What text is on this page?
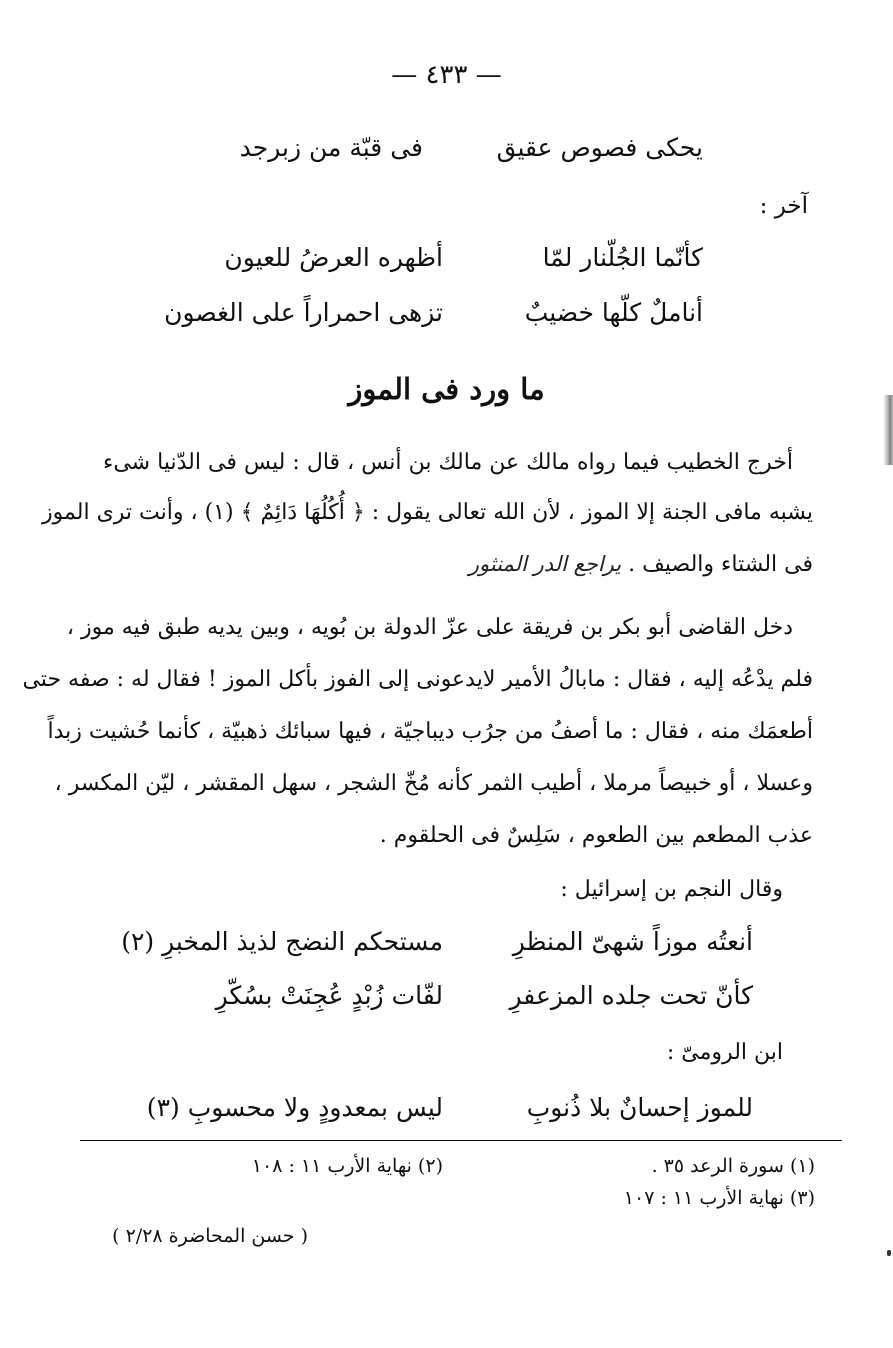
— ٤٣٣ —
يحكى فصوص عقيق
فى قبّة من زبرجد
آخر :
كأنّما الجُلّنار لمّا
أظهره العرضُ للعيون
أناملٌ كلّها خضيبٌ
تزهى احمراراً على الغصون
ما ورد فى الموز
أخرج الخطيب فيما رواه مالك عن مالك بن أنس ، قال : ليس فى الدّنيا شىء
يشبه مافى الجنة إلا الموز ، لأن الله تعالى يقول : ﴿ أُكُلُهَا دَائِمٌ ﴾ (١) ، وأنت ترى الموز
فى الشتاء والصيف . يراجع الدر المنثور
دخل القاضى أبو بكر بن فريقة على عزّ الدولة بن بُويه ، وبين يديه طبق فيه موز ،
فلم يدْعُه إليه ، فقال : مابالُ الأمير لايدعونى إلى الفوز بأكل الموز ! فقال له : صفه حتى
أطعمَك منه ، فقال : ما أصفُ من جرُب ديباجيّة ، فيها سبائك ذهبيّة ، كأنما حُشيت زبداً
وعسلا ، أو خبيصاً مرملا ، أطيب الثمر كأنه مُخّ الشجر ، سهل المقشر ، ليّن المكسر ،
عذب المطعم بين الطعوم ، سَلِسٌ فى الحلقوم .
وقال النجم بن إسرائيل :
أنعتُه موزاً شهىّ المنظرِ
مستحكم النضج لذيذ المخبرِ (٢)
كأنّ تحت جلده المزعفرِ
لفّات زُبْدٍ عُجِنَتْ بسُكّرِ
ابن الرومىّ :
للموز إحسانٌ بلا ذُنوبِ
ليس بمعدودٍ ولا محسوبِ (٣)
(١) سورة الرعد ٣٥ .
(٢) نهاية الأرب ١١ : ١٠٨
(٣) نهاية الأرب ١١ : ١٠٧
( حسن المحاضرة ٢/٢٨ )
